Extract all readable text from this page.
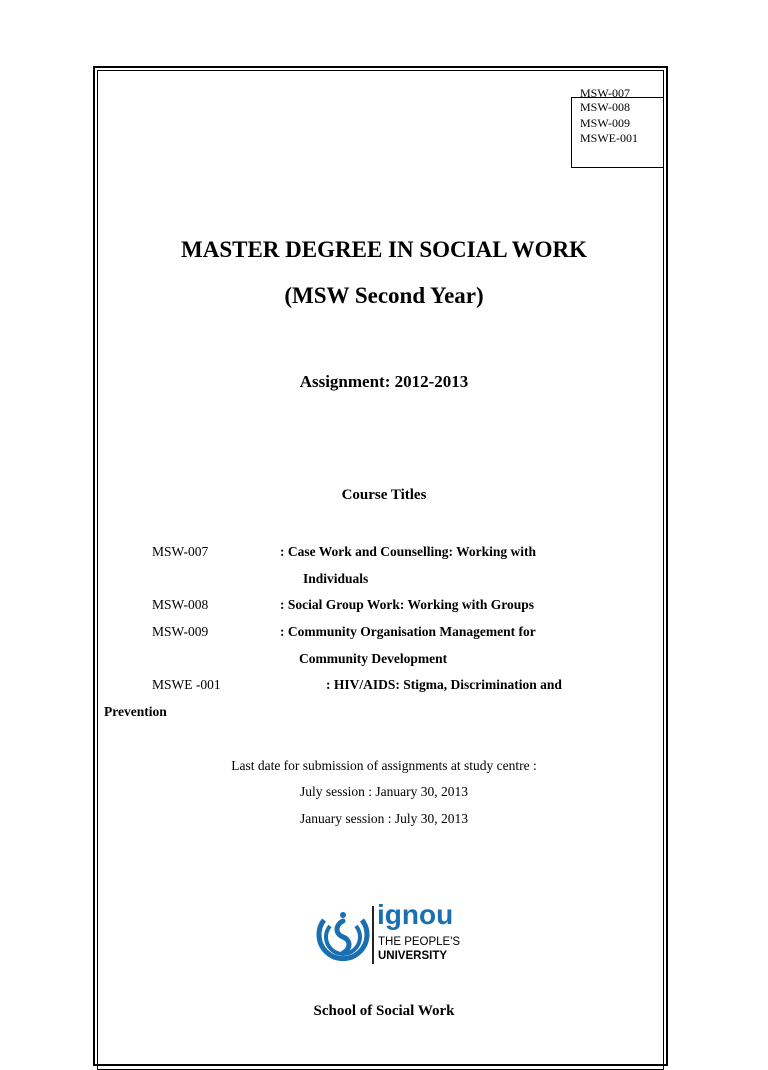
MSW-007
MSW-008
MSW-009
MSWE-001
MASTER DEGREE IN SOCIAL WORK
(MSW Second Year)
Assignment: 2012-2013
Course Titles
MSW-007	: Case Work and Counselling: Working with
Individuals
MSW-008	: Social Group Work: Working with Groups
MSW-009	: Community Organisation Management for
Community Development
MSWE -001	: HIV/AIDS: Stigma, Discrimination and
Prevention
Last date for submission of assignments at study centre :
July session : January 30, 2013
January session : July 30, 2013
ignou
THE PEOPLE'S
UNIVERSITY
School of Social Work
